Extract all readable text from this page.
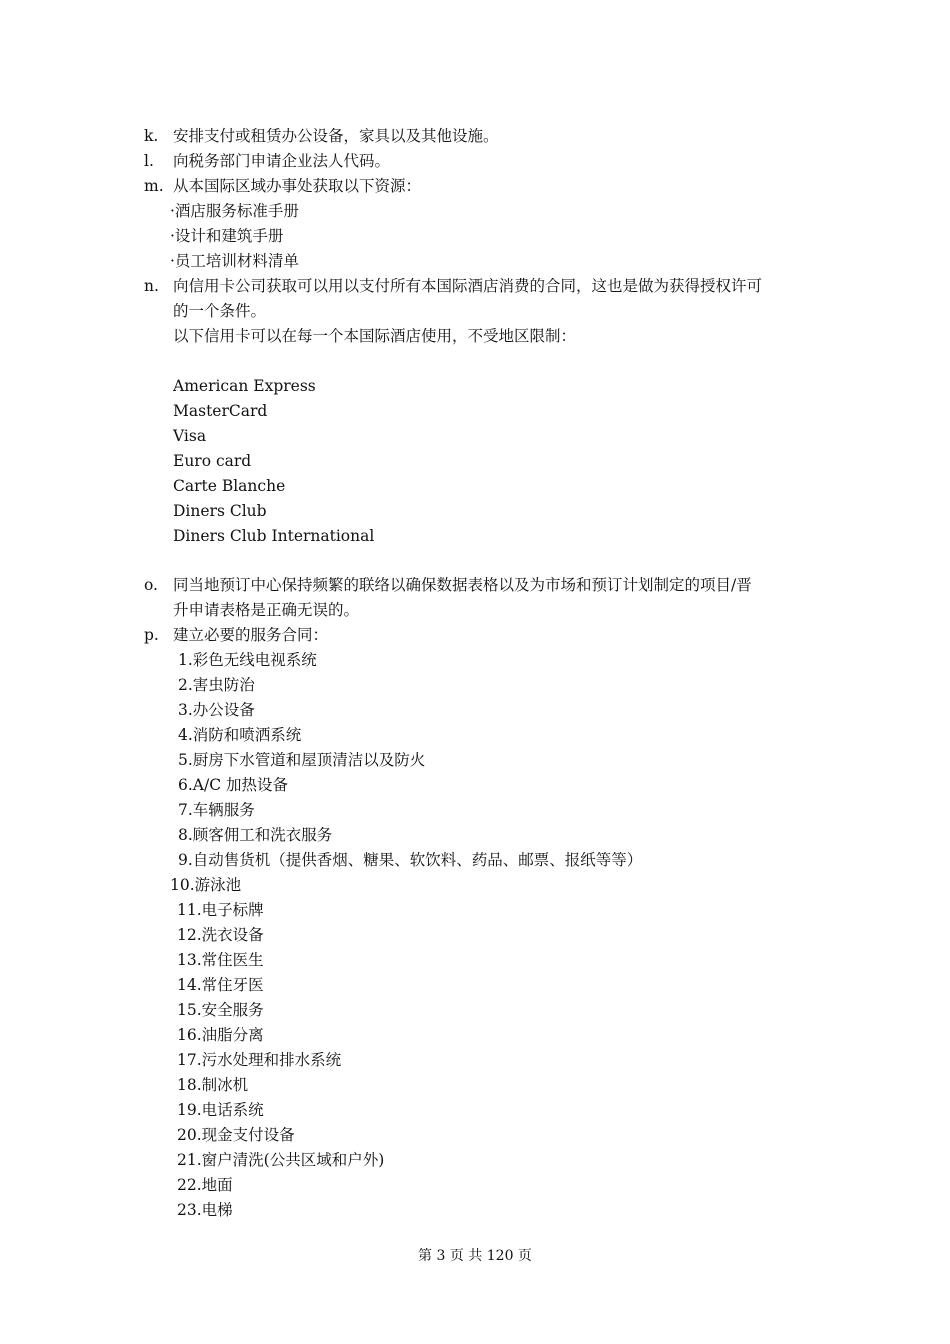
k. 安排支付或租赁办公设备，家具以及其他设施。
l. 向税务部门申请企业法人代码。
m. 从本国际区域办事处获取以下资源：
·酒店服务标准手册
·设计和建筑手册
·员工培训材料清单
n. 向信用卡公司获取可以用以支付所有本国际酒店消费的合同，这也是做为获得授权许可
的一个条件。
以下信用卡可以在每一个本国际酒店使用，不受地区限制：
American Express
MasterCard
Visa
Euro card
Carte Blanche
Diners Club
Diners Club International
o. 同当地预订中心保持频繁的联络以确保数据表格以及为市场和预订计划制定的项目/晋
升申请表格是正确无误的。
p. 建立必要的服务合同：
1.彩色无线电视系统
2.害虫防治
3.办公设备
4.消防和喷洒系统
5.厨房下水管道和屋顶清洁以及防火
6.A/C 加热设备
7.车辆服务
8.顾客佣工和洗衣服务
9.自动售货机（提供香烟、糖果、软饮料、药品、邮票、报纸等等）
10.游泳池
11.电子标牌
12.洗衣设备
13.常住医生
14.常住牙医
15.安全服务
16.油脂分离
17.污水处理和排水系统
18.制冰机
19.电话系统
20.现金支付设备
21.窗户清洗(公共区域和户外)
22.地面
23.电梯
第 3 页 共 120 页
